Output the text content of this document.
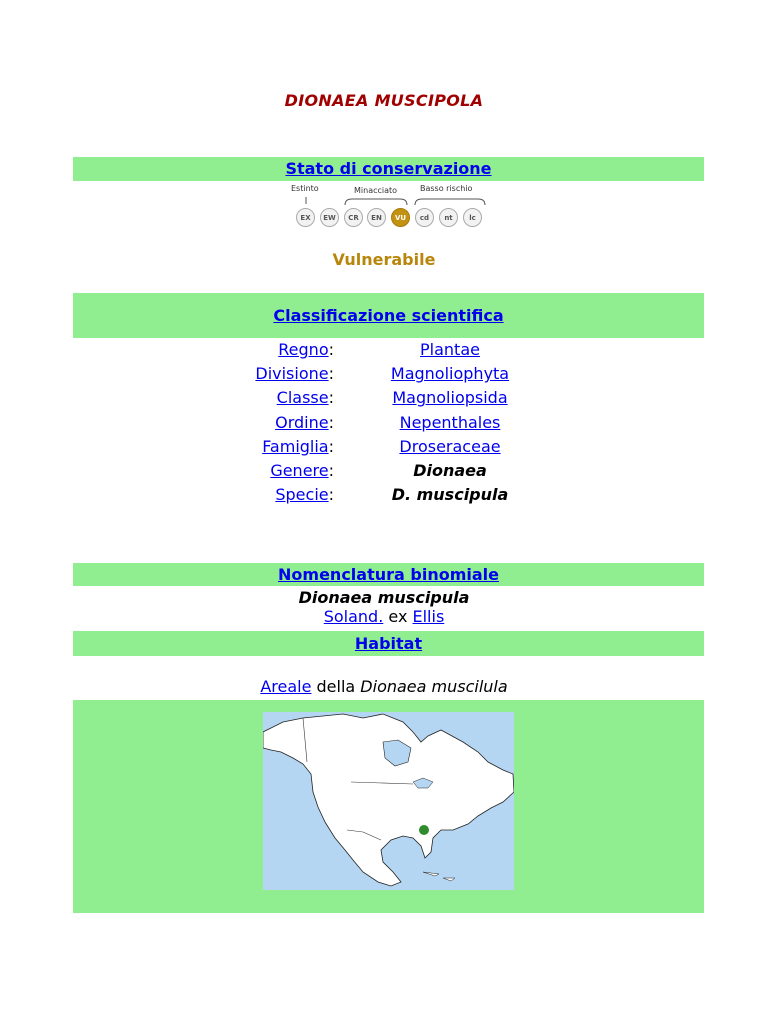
DIONAEA MUSCIPOLA
Stato di conservazione
Estinto	Minacciato	Basso rischio
EX	EW	CR	EN	VU	cd	nt	lc
Vulnerabile
Classificazione scientifica
Regno:	Plantae
Divisione:	Magnoliophyta
Classe:	Magnoliopsida
Ordine:	Nepenthales
Famiglia:	Droseraceae
Genere:	Dionaea
Specie:	D. muscipula
Nomenclatura binomiale
Dionaea muscipula
Soland. ex Ellis
Habitat
Areale della Dionaea muscilula
